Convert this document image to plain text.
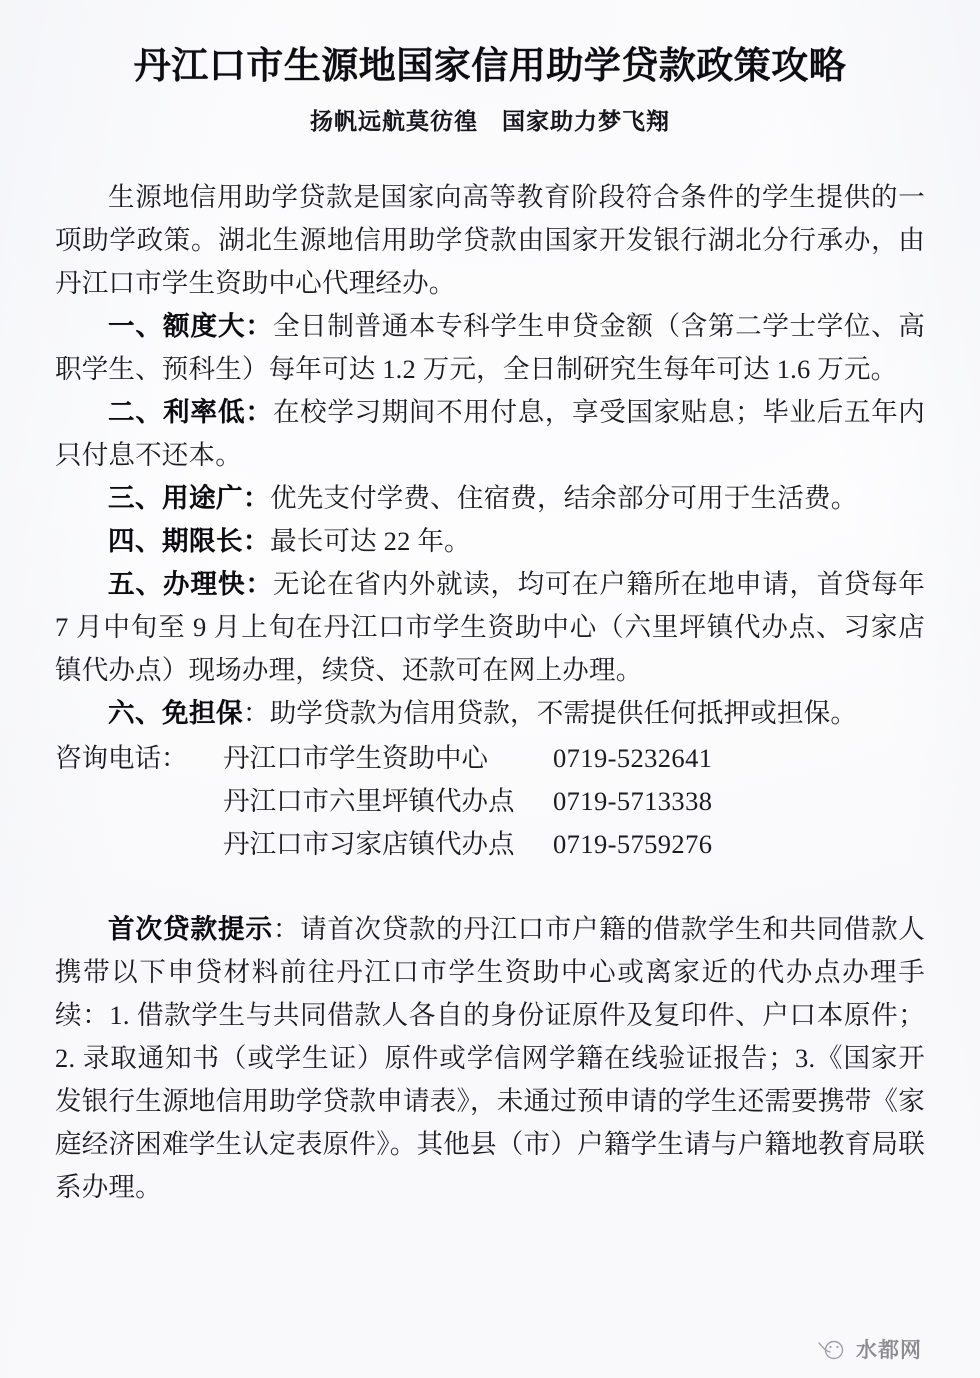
丹江口市生源地国家信用助学贷款政策攻略
扬帆远航莫彷徨　国家助力梦飞翔

生源地信用助学贷款是国家向高等教育阶段符合条件的学生提供的一项助学政策。湖北生源地信用助学贷款由国家开发银行湖北分行承办，由丹江口市学生资助中心代理经办。

一、额度大：全日制普通本专科学生申贷金额（含第二学士学位、高职学生、预科生）每年可达 1.2 万元，全日制研究生每年可达 1.6 万元。

二、利率低：在校学习期间不用付息，享受国家贴息；毕业后五年内只付息不还本。

三、用途广：优先支付学费、住宿费，结余部分可用于生活费。

四、期限长：最长可达 22 年。

五、办理快：无论在省内外就读，均可在户籍所在地申请，首贷每年 7 月中旬至 9 月上旬在丹江口市学生资助中心（六里坪镇代办点、习家店镇代办点）现场办理，续贷、还款可在网上办理。

六、免担保：助学贷款为信用贷款，不需提供任何抵押或担保。

咨询电话：	丹江口市学生资助中心	0719-5232641
丹江口市六里坪镇代办点	0719-5713338
丹江口市习家店镇代办点	0719-5759276

首次贷款提示：请首次贷款的丹江口市户籍的借款学生和共同借款人携带以下申贷材料前往丹江口市学生资助中心或离家近的代办点办理手续：1. 借款学生与共同借款人各自的身份证原件及复印件、户口本原件；2. 录取通知书（或学生证）原件或学信网学籍在线验证报告；3.《国家开发银行生源地信用助学贷款申请表》，未通过预申请的学生还需要携带《家庭经济困难学生认定表原件》。其他县（市）户籍学生请与户籍地教育局联系办理。

水都网
